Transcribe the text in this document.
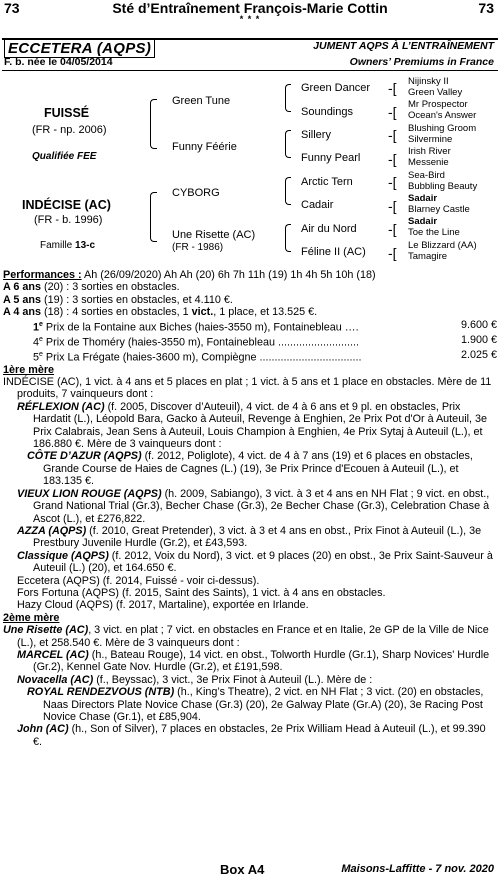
73	Sté d’Entraînement François-Marie Cottin	73
* * *
ECCETERA (AQPS)	JUMENT AQPS À L’ENTRAÎNEMENT
F. b. née le 04/05/2014	Owners’ Premiums in France
FUISSÉ
(FR - np. 2006)
Qualifiée FEE
INDÉCISE (AC)
(FR - b. 1996)
Famille 13-c
Green Tune
Funny Féérie
CYBORG
Une Risette (AC)
(FR - 1986)
Green Dancer
Soundings
Sillery
Funny Pearl
Arctic Tern
Cadair
Air du Nord
Féline II (AC)
-[
-[
-[
-[
-[
-[
-[
-[
Nijinsky II
Green Valley
Mr Prospector
Ocean's Answer
Blushing Groom
Silvermine
Irish River
Messenie
Sea-Bird
Bubbling Beauty
Sadair
Blarney Castle
Sadair
Toe the Line
Le Blizzard (AA)
Tamagire

Performances : Ah (26/09/2020) Ah Ah (20) 6h 7h 11h (19) 1h 4h 5h 10h (18)

A 6 ans (20) : 3 sorties en obstacles.

A 5 ans (19) : 3 sorties en obstacles, et 4.110 €.

A 4 ans (18) : 4 sorties en obstacles, 1 vict., 1 place, et 13.525 €.

1e Prix de la Fontaine aux Biches (haies-3550 m), Fontainebleau ….	9.600 €
4e Prix de Thoméry (haies-3550 m), Fontainebleau ...........................	1.900 €
5e Prix La Frégate (haies-3600 m), Compiègne ..................................	2.025 €

1ère mère

INDÉCISE (AC), 1 vict. à 4 ans et 5 places en plat ; 1 vict. à 5 ans et 1 place en obstacles. Mère de 11 produits, 7 vainqueurs dont :

RÉFLEXION (AC) (f. 2005, Discover d’Auteuil), 4 vict. de 4 à 6 ans et 9 pl. en obstacles, Prix Hardatit (L.), Léopold Bara, Gacko à Auteuil, Revenge à Enghien, 2e Prix Pot d'Or à Auteuil, 3e Prix Calabrais, Jean Sens à Auteuil, Louis Champion à Enghien, 4e Prix Sytaj à Auteuil (L.), et 186.880 €. Mère de 3 vainqueurs dont :

CÔTE D’AZUR (AQPS) (f. 2012, Poliglote), 4 vict. de 4 à 7 ans (19) et 6 places en obstacles, Grande Course de Haies de Cagnes (L.) (19), 3e Prix Prince d'Ecouen à Auteuil (L.), et 183.135 €.

VIEUX LION ROUGE (AQPS) (h. 2009, Sabiango), 3 vict. à 3 et 4 ans en NH Flat ; 9 vict. en obst., Grand National Trial (Gr.3), Becher Chase (Gr.3), 2e Becher Chase (Gr.3), Celebration Chase à Ascot (L.), et £276,822.

AZZA (AQPS) (f. 2010, Great Pretender), 3 vict. à 3 et 4 ans en obst., Prix Finot à Auteuil (L.), 3e Prestbury Juvenile Hurdle (Gr.2), et £43,593.

Classique (AQPS) (f. 2012, Voix du Nord), 3 vict. et 9 places (20) en obst., 3e Prix Saint-Sauveur à Auteuil (L.) (20), et 164.650 €.

Eccetera (AQPS) (f. 2014, Fuissé - voir ci-dessus).

Fors Fortuna (AQPS) (f. 2015, Saint des Saints), 1 vict. à 4 ans en obstacles.

Hazy Cloud (AQPS) (f. 2017, Martaline), exportée en Irlande.

2ème mère

Une Risette (AC), 3 vict. en plat ; 7 vict. en obstacles en France et en Italie, 2e GP de la Ville de Nice (L.), et 258.540 €. Mère de 3 vainqueurs dont :

MARCEL (AC) (h., Bateau Rouge), 14 vict. en obst., Tolworth Hurdle (Gr.1), Sharp Novices' Hurdle (Gr.2), Kennel Gate Nov. Hurdle (Gr.2), et £191,598.

Novacella (AC) (f., Beyssac), 3 vict., 3e Prix Finot à Auteuil (L.). Mère de :

ROYAL RENDEZVOUS (NTB) (h., King’s Theatre), 2 vict. en NH Flat ; 3 vict. (20) en obstacles, Naas Directors Plate Novice Chase (Gr.3) (20), 2e Galway Plate (Gr.A) (20), 3e Racing Post Novice Chase (Gr.1), et £85,904.

John (AC) (h., Son of Silver), 7 places en obstacles, 2e Prix William Head à Auteuil (L.), et 99.390 €.

Box A4	Maisons-Laffitte - 7 nov. 2020
